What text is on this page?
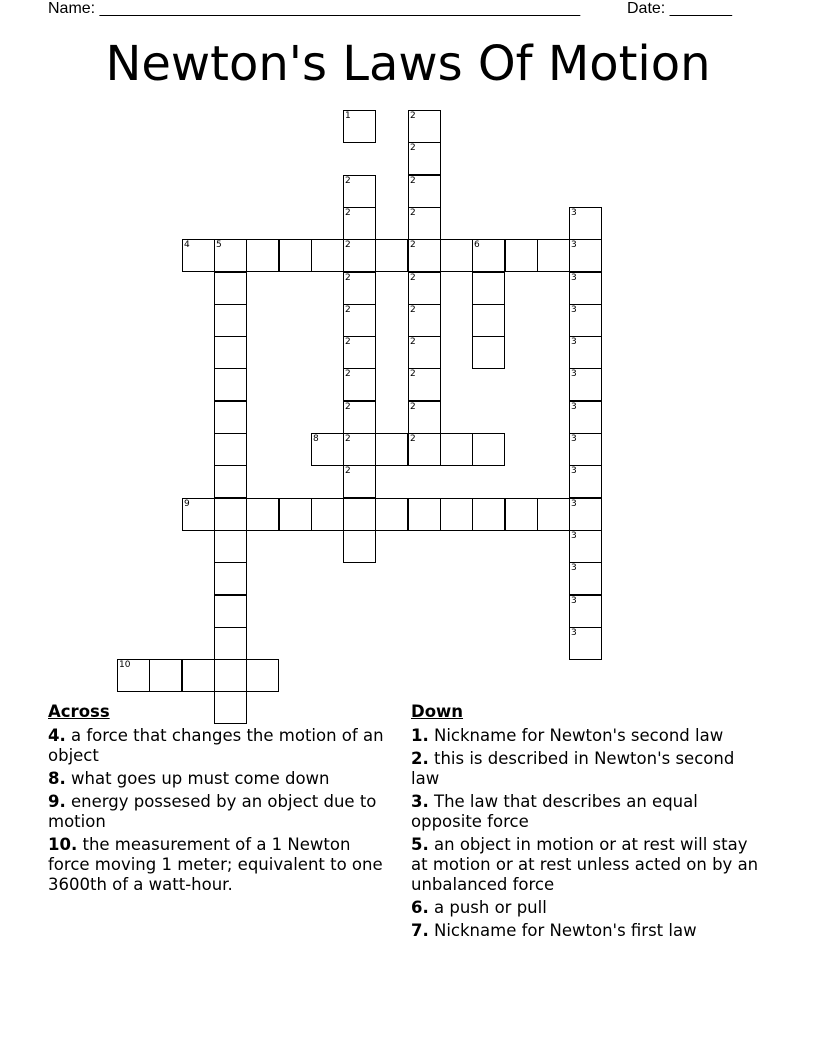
Name: ______________________________________________________	Date: _______
Newton's Laws Of Motion
1
2
2
2
2
2
2
2
2
2
2
2
2
2
2
2
2
2
2
2
2
2
3
3
3
3
3
3
3
3
3
3
3
3
3
3
4	5	6
8
9
10
Across
4. a force that changes the motion of an object
8. what goes up must come down
9. energy possesed by an object due to motion
10. the measurement of a 1 Newton force moving 1 meter; equivalent to one 3600th of a watt-hour.
Down
1. Nickname for Newton's second law
2. this is described in Newton's second law
3. The law that describes an equal opposite force
5. an object in motion or at rest will stay at motion or at rest unless acted on by an unbalanced force
6. a push or pull
7. Nickname for Newton's first law
